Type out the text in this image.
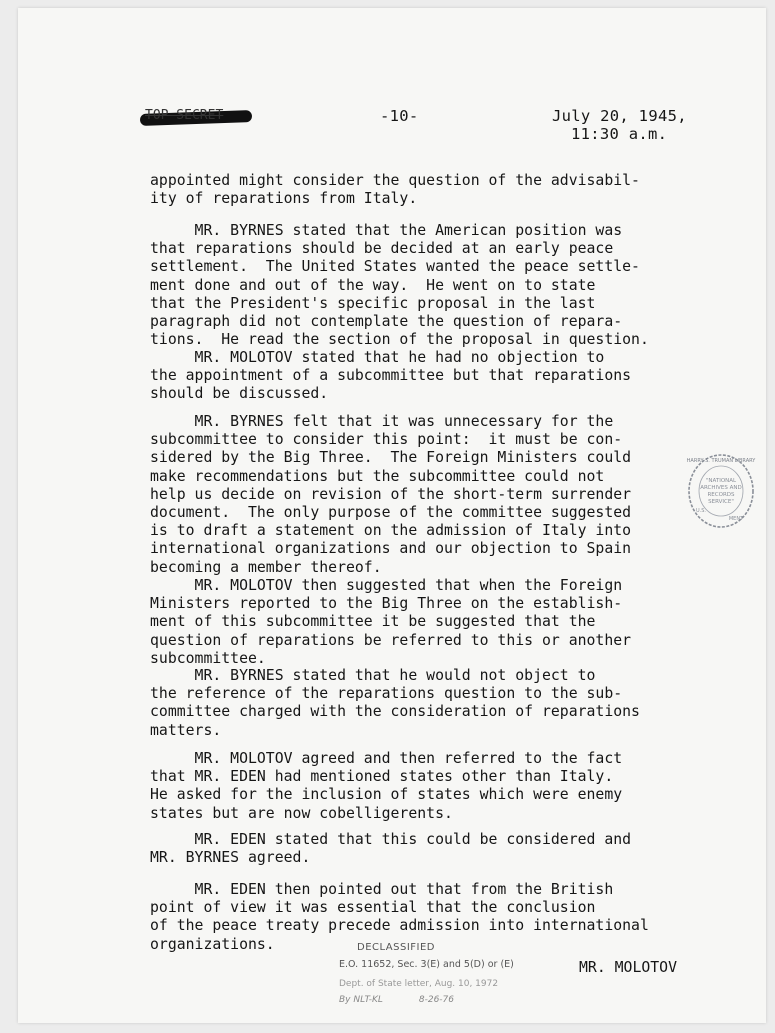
TOP SECRET	-10-	July 20, 1945,
11:30 a.m.
appointed might consider the question of the advisabil-
ity of reparations from Italy.
MR. BYRNES stated that the American position was
that reparations should be decided at an early peace
settlement.  The United States wanted the peace settle-
ment done and out of the way.  He went on to state
that the President's specific proposal in the last
paragraph did not contemplate the question of repara-
tions.  He read the section of the proposal in question.
MR. MOLOTOV stated that he had no objection to
the appointment of a subcommittee but that reparations
should be discussed.
MR. BYRNES felt that it was unnecessary for the
subcommittee to consider this point:  it must be con-
sidered by the Big Three.  The Foreign Ministers could
make recommendations but the subcommittee could not
help us decide on revision of the short-term surrender
document.  The only purpose of the committee suggested
is to draft a statement on the admission of Italy into
international organizations and our objection to Spain
becoming a member thereof.
MR. MOLOTOV then suggested that when the Foreign
Ministers reported to the Big Three on the establish-
ment of this subcommittee it be suggested that the
question of reparations be referred to this or another
subcommittee.
MR. BYRNES stated that he would not object to
the reference of the reparations question to the sub-
committee charged with the consideration of reparations
matters.
MR. MOLOTOV agreed and then referred to the fact
that MR. EDEN had mentioned states other than Italy.
He asked for the inclusion of states which were enemy
states but are now cobelligerents.
MR. EDEN stated that this could be considered and
MR. BYRNES agreed.
MR. EDEN then pointed out that from the British
point of view it was essential that the conclusion
of the peace treaty precede admission into international
organizations.
HARRY S. TRUMAN LIBRARY
"NATIONAL
ARCHIVES AND
RECORDS
SERVICE"
U.S.
MENT
DECLASSIFIED
E.O. 11652, Sec. 3(E) and 5(D) or (E)
Dept. of State letter, Aug. 10, 1972
By NLT-KL	8-26-76
MR. MOLOTOV
